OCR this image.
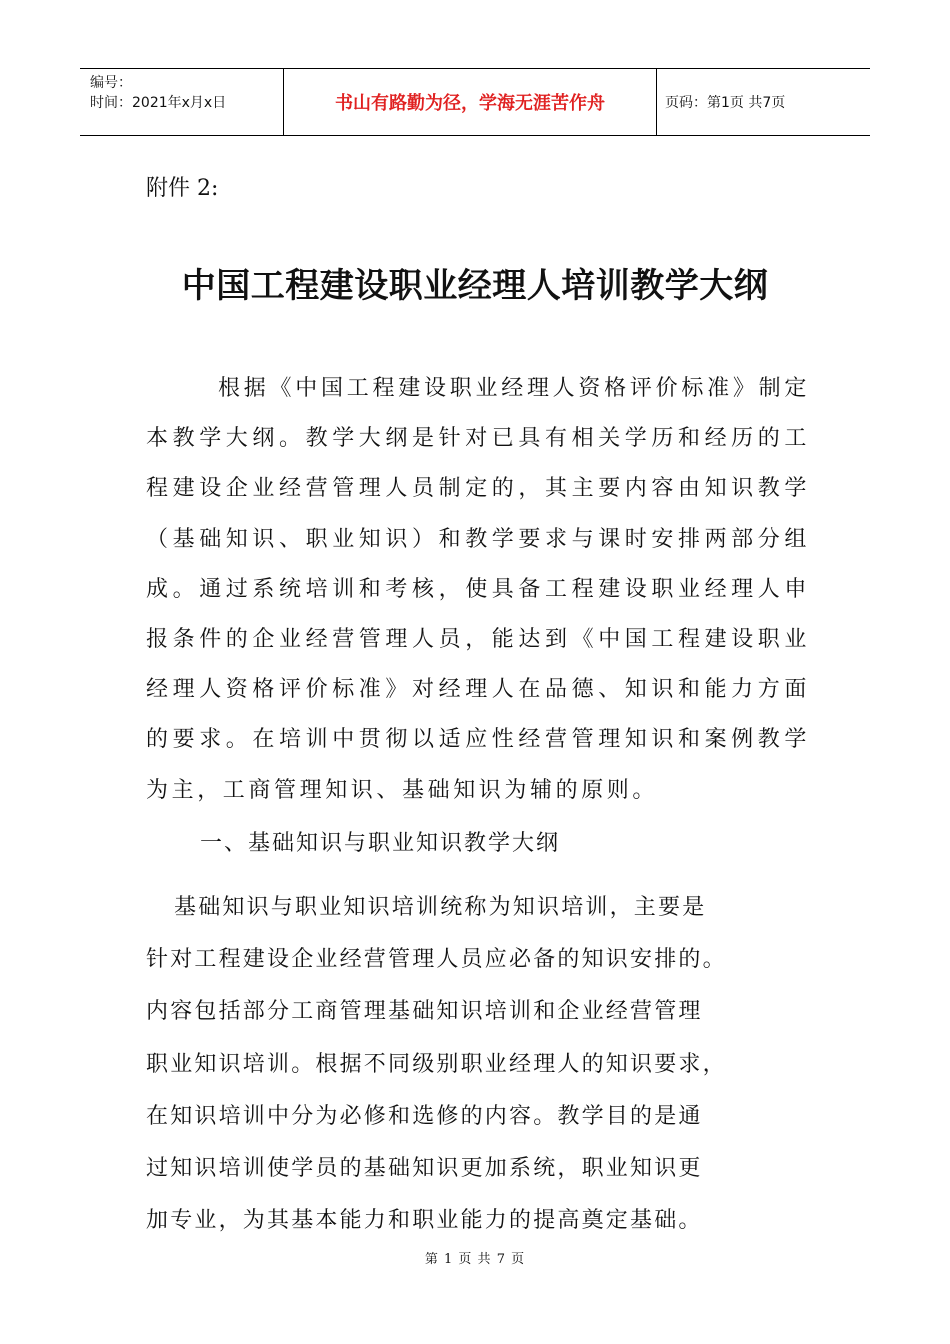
编号：
时间：2021年x月x日	书山有路勤为径，学海无涯苦作舟	页码：第1页 共7页
附件 2:
中国工程建设职业经理人培训教学大纲

根据《中国工程建设职业经理人资格评价标准》制定本教学大纲。教学大纲是针对已具有相关学历和经历的工程建设企业经营管理人员制定的，其主要内容由知识教学（基础知识、职业知识）和教学要求与课时安排两部分组成。通过系统培训和考核，使具备工程建设职业经理人申报条件的企业经营管理人员，能达到《中国工程建设职业经理人资格评价标准》对经理人在品德、知识和能力方面的要求。在培训中贯彻以适应性经营管理知识和案例教学为主，工商管理知识、基础知识为辅的原则。

一、基础知识与职业知识教学大纲
基础知识与职业知识培训统称为知识培训，主要是
针对工程建设企业经营管理人员应必备的知识安排的。
内容包括部分工商管理基础知识培训和企业经营管理
职业知识培训。根据不同级别职业经理人的知识要求，
在知识培训中分为必修和选修的内容。教学目的是通
过知识培训使学员的基础知识更加系统，职业知识更
加专业，为其基本能力和职业能力的提高奠定基础。
第 1 页 共 7 页
